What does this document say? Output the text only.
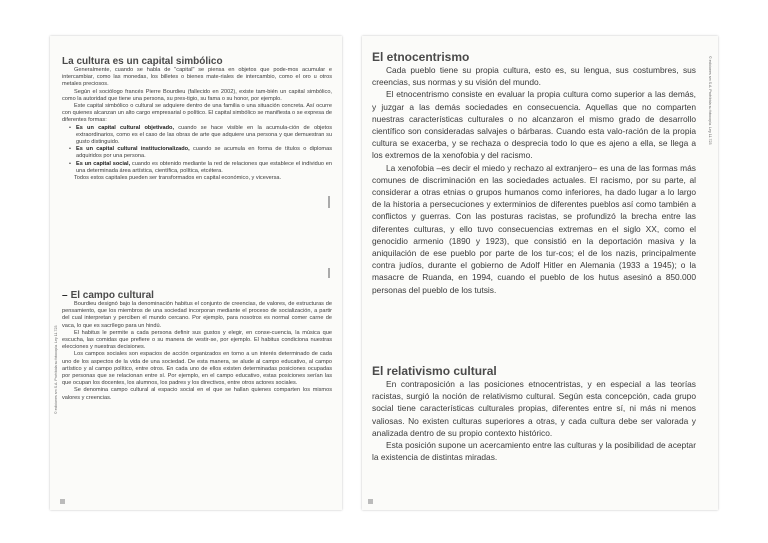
La cultura es un capital simbólico

Generalmente, cuando se habla de "capital" se piensa en objetos que pode-mos acumular e intercambiar, como las monedas, los billetes o bienes mate-riales de intercambio, como el oro u otros metales preciosos.

Según el sociólogo francés Pierre Bourdieu (fallecido en 2002), existe tam-bién un capital simbólico, como la autoridad que tiene una persona, su pres-tigio, su fama o su honor, por ejemplo.

Este capital simbólico o cultural se adquiere dentro de una familia o una situación concreta. Así ocurre con quienes alcanzan un alto cargo empresarial o político. El capital simbólico se manifiesta o se expresa de diferentes formas:

• Es un capital cultural objetivado, cuando se hace visible en la acumula-ción de objetos extraordinarios, como es el caso de las obras de arte que adquiere una persona y que demuestran su gusto distinguido.
• Es un capital cultural institucionalizado, cuando se acumula en forma de títulos o diplomas adquiridos por una persona.
• Es un capital social, cuando es obtenido mediante la red de relaciones que establece el individuo en una determinada área artística, científica, política, etcétera.

Todos estos capitales pueden ser transformados en capital económico, y viceversa.

– El campo cultural

Bourdieu designó bajo la denominación habitus el conjunto de creencias, de valores, de estructuras de pensamiento, que los miembros de una sociedad incorporan mediante el proceso de socialización, a partir del cual interpretan y perciben el mundo cercano. Por ejemplo, para nosotros es normal comer carne de vaca, lo que es sacrílego para un hindú.

El habitus le permite a cada persona definir sus gustos y elegir, en conse-cuencia, la música que escucha, las comidas que prefiere o su manera de vestir-se, por ejemplo. El habitus condiciona nuestras elecciones y nuestras decisiones.

Los campos sociales son espacios de acción organizados en torno a un interés determinado de cada uno de los aspectos de la vida de una sociedad. De esta manera, se alude al campo educativo, al campo artístico y al campo político, entre otros. En cada uno de ellos existen determinadas posiciones ocupadas por personas que se relacionan entre sí. Por ejemplo, en el campo educativo, estas posiciones serían las que ocupan los docentes, los alumnos, los padres y los directivos, entre otros actores sociales.

Se denomina campo cultural al espacio social en el que se hallan quienes comparten los mismos valores y creencias.

© ediciones sm S.A. Prohibida su fotocopia. Ley 11.723
El etnocentrismo

Cada pueblo tiene su propia cultura, esto es, su lengua, sus costumbres, sus creencias, sus normas y su visión del mundo.

El etnocentrismo consiste en evaluar la propia cultura como superior a las demás, y juzgar a las demás sociedades en consecuencia. Aquellas que no comparten nuestras características culturales o no alcanzaron el mismo grado de desarrollo científico son consideradas salvajes o bárbaras. Cuando esta valo-ración de la propia cultura se exacerba, y se rechaza o desprecia todo lo que es ajeno a ella, se llega a los extremos de la xenofobia y del racismo.

La xenofobia –es decir el miedo y rechazo al extranjero– es una de las formas más comunes de discriminación en las sociedades actuales. El racismo, por su parte, al considerar a otras etnias o grupos humanos como inferiores, ha dado lugar a lo largo de la historia a persecuciones y exterminios de diferentes pueblos así como también a conflictos y guerras. Con las posturas racistas, se profundizó la brecha entre las diferentes culturas, y ello tuvo consecuencias extremas en el siglo XX, como el genocidio armenio (1890 y 1923), que consistió en la deportación masiva y la aniquilación de ese pueblo por parte de los tur-cos; el de los nazis, principalmente contra judíos, durante el gobierno de Adolf Hitler en Alemania (1933 a 1945); o la masacre de Ruanda, en 1994, cuando el pueblo de los hutus asesinó a 850.000 personas del pueblo de los tutsis.

El relativismo cultural

En contraposición a las posiciones etnocentristas, y en especial a las teorías racistas, surgió la noción de relativismo cultural. Según esta concepción, cada grupo social tiene características culturales propias, diferentes entre sí, ni más ni menos valiosas. No existen culturas superiores a otras, y cada cultura debe ser valorada y analizada dentro de su propio contexto histórico.

Esta posición supone un acercamiento entre las culturas y la posibilidad de aceptar la existencia de distintas miradas.

© ediciones sm S.A. Prohibida su fotocopia. Ley 11.723
